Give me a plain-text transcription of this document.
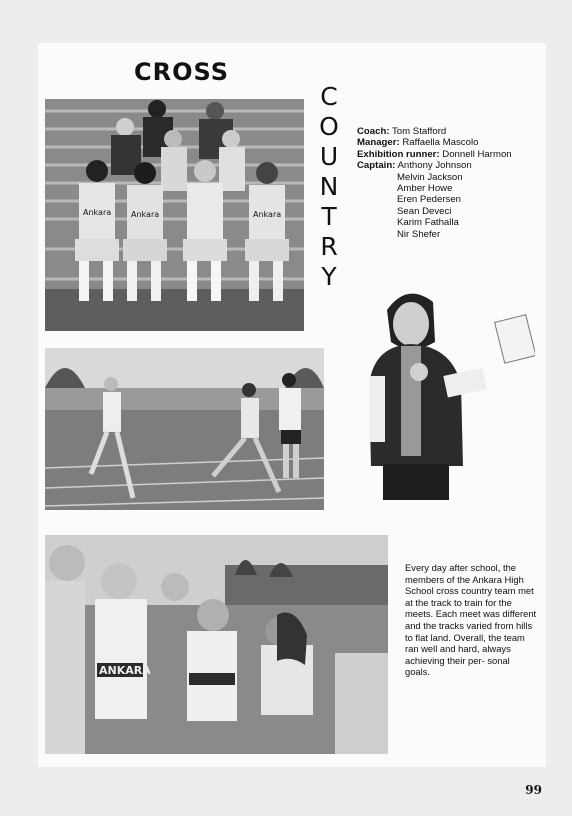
CROSS
C
O
U
N
T
R
Y
Coach: Tom Stafford
Manager: Raffaella Mascolo
Exhibition runner: Donnell Harmon
Captain: Anthony Johnson
Melvin Jackson
Amber Howe
Eren Pedersen
Sean Deveci
Karim Fathalla
Nir Shefer
Ankara Ankara	Ankara
ANKARA
Every day after school, the members of the Ankara High School cross country team met at the track to train for the meets. Each meet was different and the tracks varied from hills to flat land. Overall, the team ran well and hard, always achieving their per- sonal goals.
99
